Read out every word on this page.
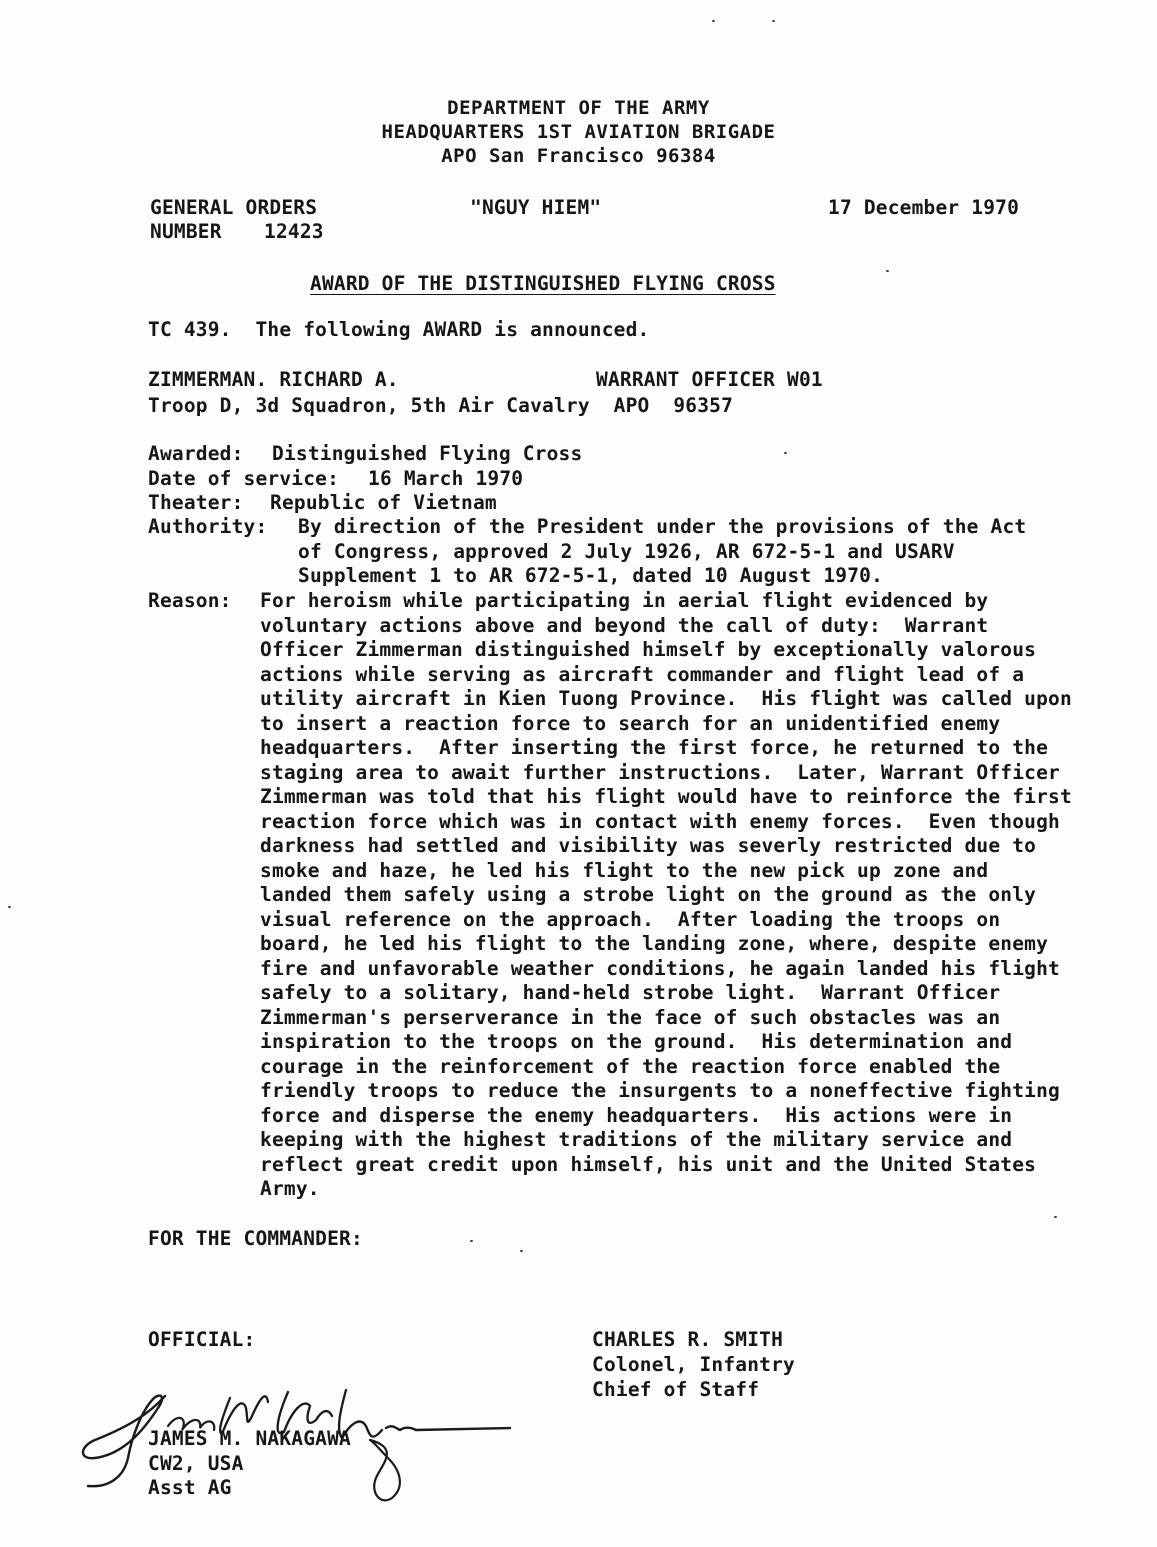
DEPARTMENT OF THE ARMY
HEADQUARTERS 1ST AVIATION BRIGADE
APO San Francisco 96384
GENERAL ORDERS
NUMBER 12423
"NGUY HIEM"	17 December 1970
AWARD OF THE DISTINGUISHED FLYING CROSS
TC 439.  The following AWARD is announced.
ZIMMERMAN. RICHARD A.	WARRANT OFFICER W01
Troop D, 3d Squadron, 5th Air Cavalry  APO  96357
Awarded: Distinguished Flying Cross
Date of service: 16 March 1970
Theater: Republic of Vietnam
Authority: By direction of the President under the provisions of the Act
of Congress, approved 2 July 1926, AR 672-5-1 and USARV
Supplement 1 to AR 672-5-1, dated 10 August 1970.
Reason: For heroism while participating in aerial flight evidenced by
voluntary actions above and beyond the call of duty:  Warrant
Officer Zimmerman distinguished himself by exceptionally valorous
actions while serving as aircraft commander and flight lead of a
utility aircraft in Kien Tuong Province.  His flight was called upon
to insert a reaction force to search for an unidentified enemy
headquarters.  After inserting the first force, he returned to the
staging area to await further instructions.  Later, Warrant Officer
Zimmerman was told that his flight would have to reinforce the first
reaction force which was in contact with enemy forces.  Even though
darkness had settled and visibility was severly restricted due to
smoke and haze, he led his flight to the new pick up zone and
landed them safely using a strobe light on the ground as the only
visual reference on the approach.  After loading the troops on
board, he led his flight to the landing zone, where, despite enemy
fire and unfavorable weather conditions, he again landed his flight
safely to a solitary, hand-held strobe light.  Warrant Officer
Zimmerman's perserverance in the face of such obstacles was an
inspiration to the troops on the ground.  His determination and
courage in the reinforcement of the reaction force enabled the
friendly troops to reduce the insurgents to a noneffective fighting
force and disperse the enemy headquarters.  His actions were in
keeping with the highest traditions of the military service and
reflect great credit upon himself, his unit and the United States
Army.
FOR THE COMMANDER:
OFFICIAL:
JAMES M. NAKAGAWA
CW2, USA
Asst AG
CHARLES R. SMITH
Colonel, Infantry
Chief of Staff
